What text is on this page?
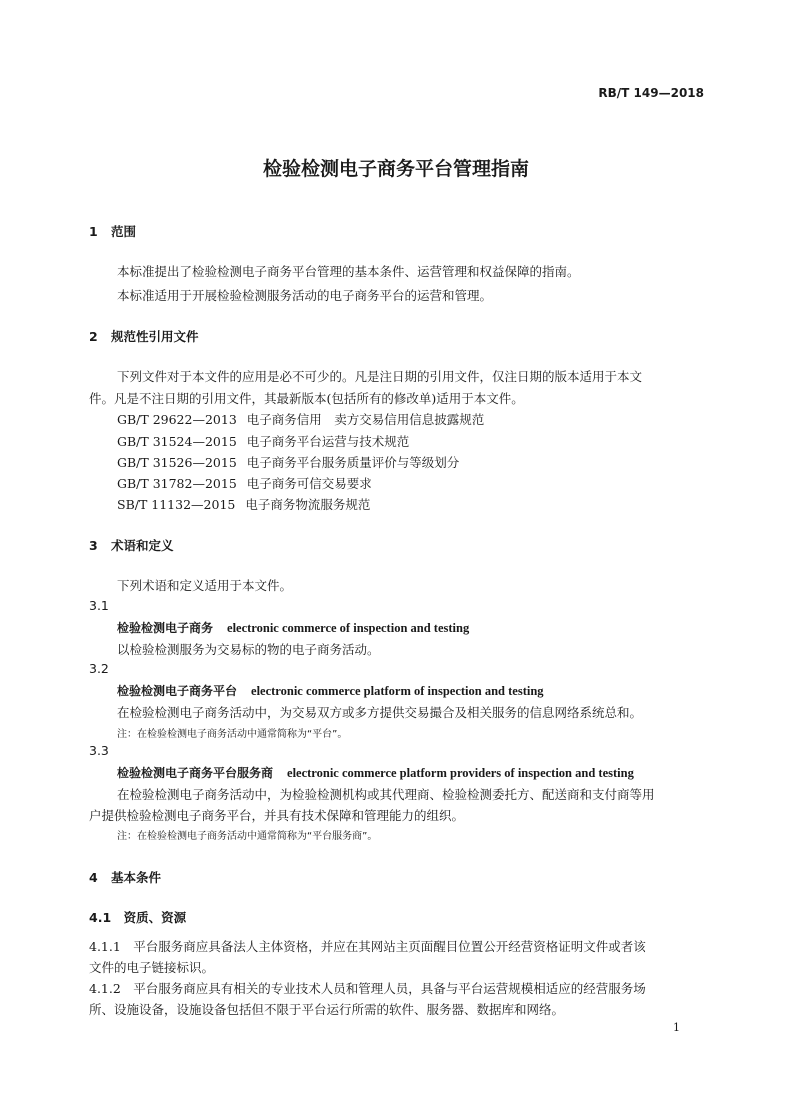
RB/T 149—2018
检验检测电子商务平台管理指南
1 范围
本标准提出了检验检测电子商务平台管理的基本条件、运营管理和权益保障的指南。
本标准适用于开展检验检测服务活动的电子商务平台的运营和管理。
2 规范性引用文件
下列文件对于本文件的应用是必不可少的。凡是注日期的引用文件，仅注日期的版本适用于本文
件。凡是不注日期的引用文件，其最新版本(包括所有的修改单)适用于本文件。
GB/T 29622—2013 电子商务信用　卖方交易信用信息披露规范
GB/T 31524—2015 电子商务平台运营与技术规范
GB/T 31526—2015 电子商务平台服务质量评价与等级划分
GB/T 31782—2015 电子商务可信交易要求
SB/T 11132—2015 电子商务物流服务规范
3 术语和定义
下列术语和定义适用于本文件。
3.1
检验检测电子商务 electronic commerce of inspection and testing
以检验检测服务为交易标的物的电子商务活动。
3.2
检验检测电子商务平台 electronic commerce platform of inspection and testing
在检验检测电子商务活动中，为交易双方或多方提供交易撮合及相关服务的信息网络系统总和。
注：在检验检测电子商务活动中通常简称为“平台”。
3.3
检验检测电子商务平台服务商 electronic commerce platform providers of inspection and testing
在检验检测电子商务活动中，为检验检测机构或其代理商、检验检测委托方、配送商和支付商等用
户提供检验检测电子商务平台，并具有技术保障和管理能力的组织。
注：在检验检测电子商务活动中通常简称为“平台服务商”。
4 基本条件
4.1　资质、资源
4.1.1　平台服务商应具备法人主体资格，并应在其网站主页面醒目位置公开经营资格证明文件或者该
文件的电子链接标识。
4.1.2　平台服务商应具有相关的专业技术人员和管理人员，具备与平台运营规模相适应的经营服务场
所、设施设备，设施设备包括但不限于平台运行所需的软件、服务器、数据库和网络。
1
